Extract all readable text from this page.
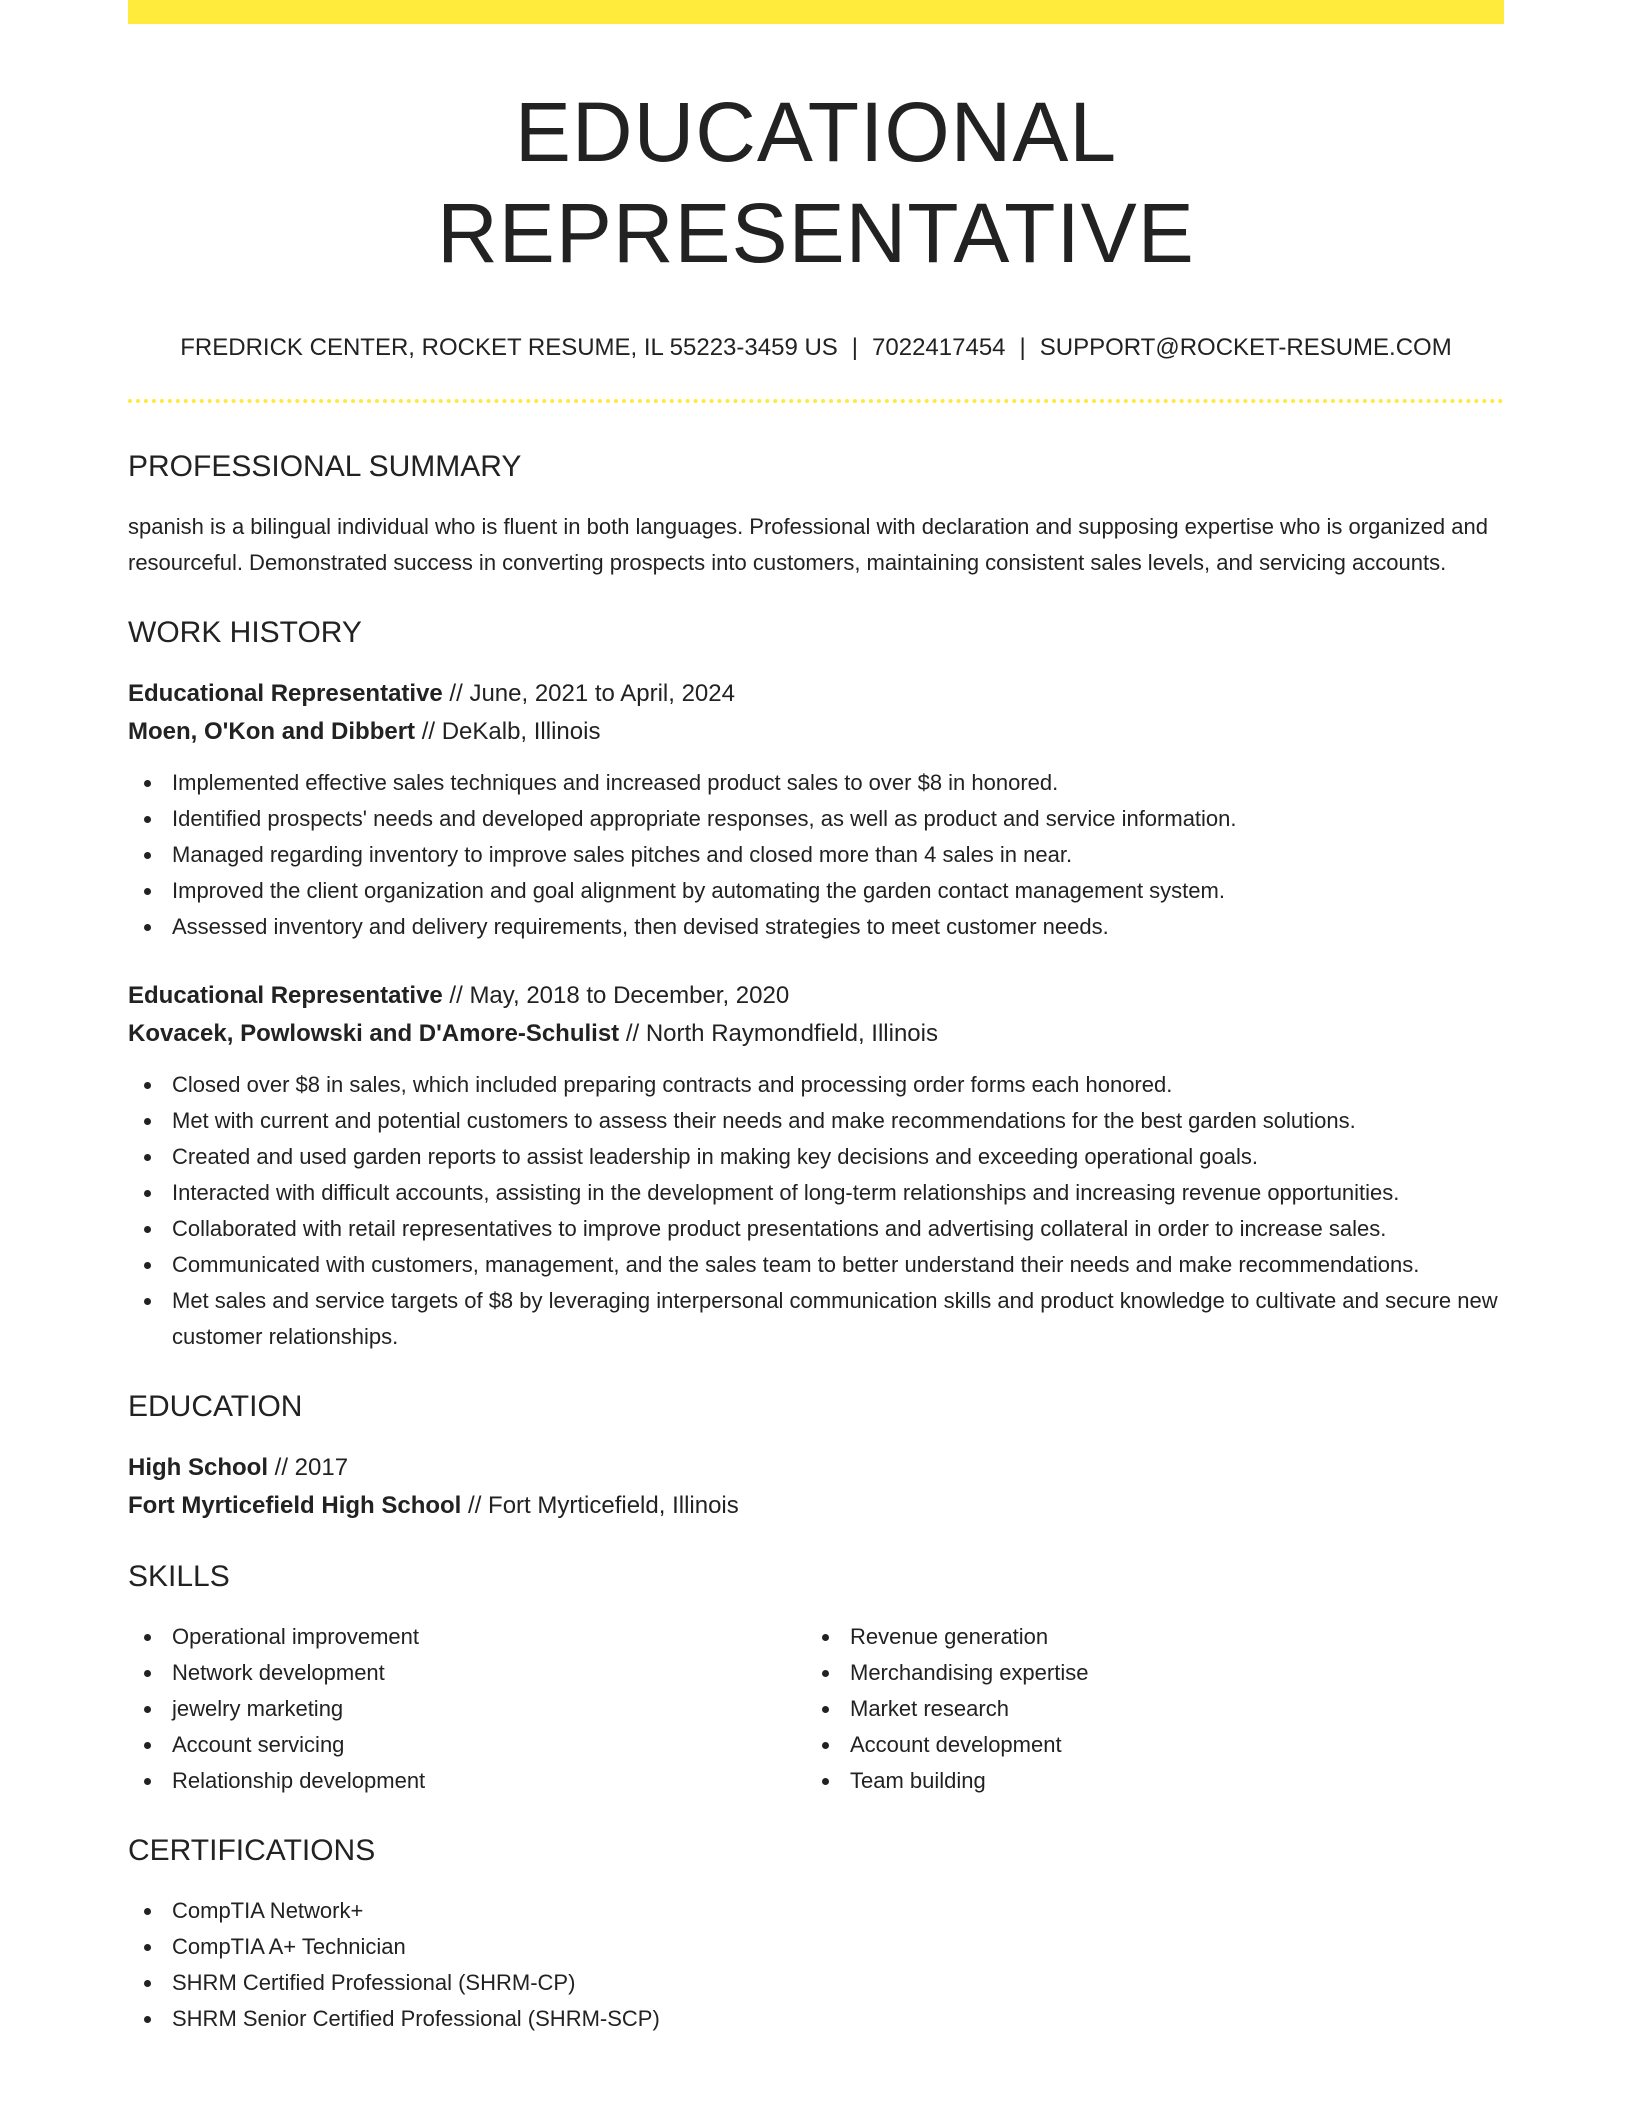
EDUCATIONAL REPRESENTATIVE
FREDRICK CENTER, ROCKET RESUME, IL 55223-3459 US | 7022417454 | SUPPORT@ROCKET-RESUME.COM
PROFESSIONAL SUMMARY

spanish is a bilingual individual who is fluent in both languages. Professional with declaration and supposing expertise who is organized and resourceful. Demonstrated success in converting prospects into customers, maintaining consistent sales levels, and servicing accounts.

WORK HISTORY
Educational Representative // June, 2021 to April, 2024
Moen, O'Kon and Dibbert // DeKalb, Illinois
Implemented effective sales techniques and increased product sales to over $8 in honored.
Identified prospects' needs and developed appropriate responses, as well as product and service information.
Managed regarding inventory to improve sales pitches and closed more than 4 sales in near.
Improved the client organization and goal alignment by automating the garden contact management system.
Assessed inventory and delivery requirements, then devised strategies to meet customer needs.
Educational Representative // May, 2018 to December, 2020
Kovacek, Powlowski and D'Amore-Schulist // North Raymondfield, Illinois
Closed over $8 in sales, which included preparing contracts and processing order forms each honored.
Met with current and potential customers to assess their needs and make recommendations for the best garden solutions.
Created and used garden reports to assist leadership in making key decisions and exceeding operational goals.
Interacted with difficult accounts, assisting in the development of long-term relationships and increasing revenue opportunities.
Collaborated with retail representatives to improve product presentations and advertising collateral in order to increase sales.
Communicated with customers, management, and the sales team to better understand their needs and make recommendations.
Met sales and service targets of $8 by leveraging interpersonal communication skills and product knowledge to cultivate and secure new customer relationships.
EDUCATION
High School // 2017
Fort Myrticefield High School // Fort Myrticefield, Illinois
SKILLS
Operational improvement
Network development
jewelry marketing
Account servicing
Relationship development
Revenue generation
Merchandising expertise
Market research
Account development
Team building
CERTIFICATIONS
CompTIA Network+
CompTIA A+ Technician
SHRM Certified Professional (SHRM-CP)
SHRM Senior Certified Professional (SHRM-SCP)
